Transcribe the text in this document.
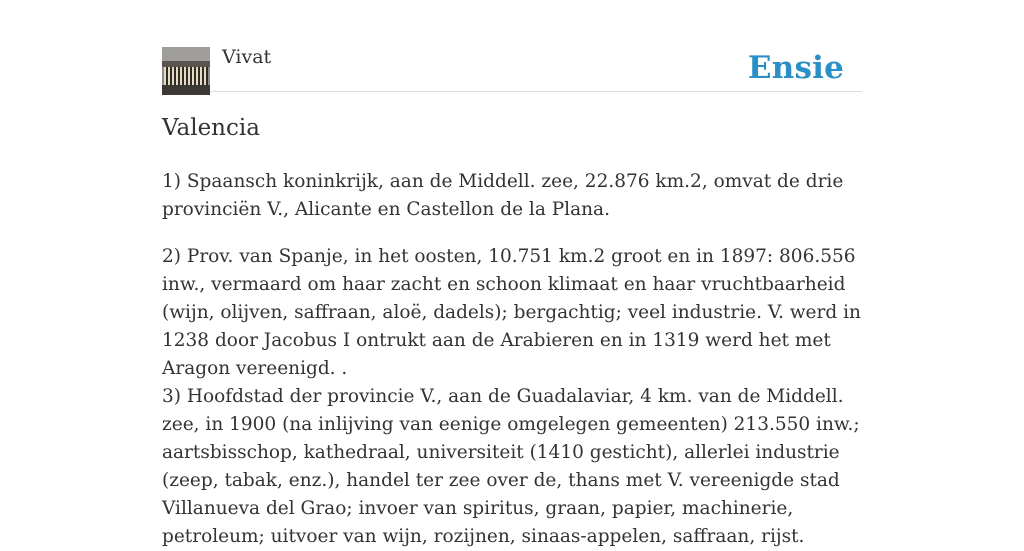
Vivat	Ensie
Valencia

1) Spaansch koninkrijk, aan de Middell. zee, 22.876 km.2, omvat de drie provinciën V., Alicante en Castellon de la Plana.

2) Prov. van Spanje, in het oosten, 10.751 km.2 groot en in 1897: 806.556 inw., vermaard om haar zacht en schoon klimaat en haar vruchtbaarheid (wijn, olijven, saffraan, aloë, dadels); bergachtig; veel industrie. V. werd in 1238 door Jacobus I ontrukt aan de Arabieren en in 1319 werd het met Aragon vereenigd. .

3) Hoofdstad der provincie V., aan de Guadalaviar, 4 km. van de Middell. zee, in 1900 (na inlijving van eenige omgelegen gemeenten) 213.550 inw.; aartsbisschop, kathedraal, universiteit (1410 gesticht), allerlei industrie (zeep, tabak, enz.), handel ter zee over de, thans met V. vereenigde stad Villanueva del Grao; invoer van spiritus, graan, papier, machinerie, petroleum; uitvoer van wijn, rozijnen, sinaas-appelen, saffraan, rijst.
